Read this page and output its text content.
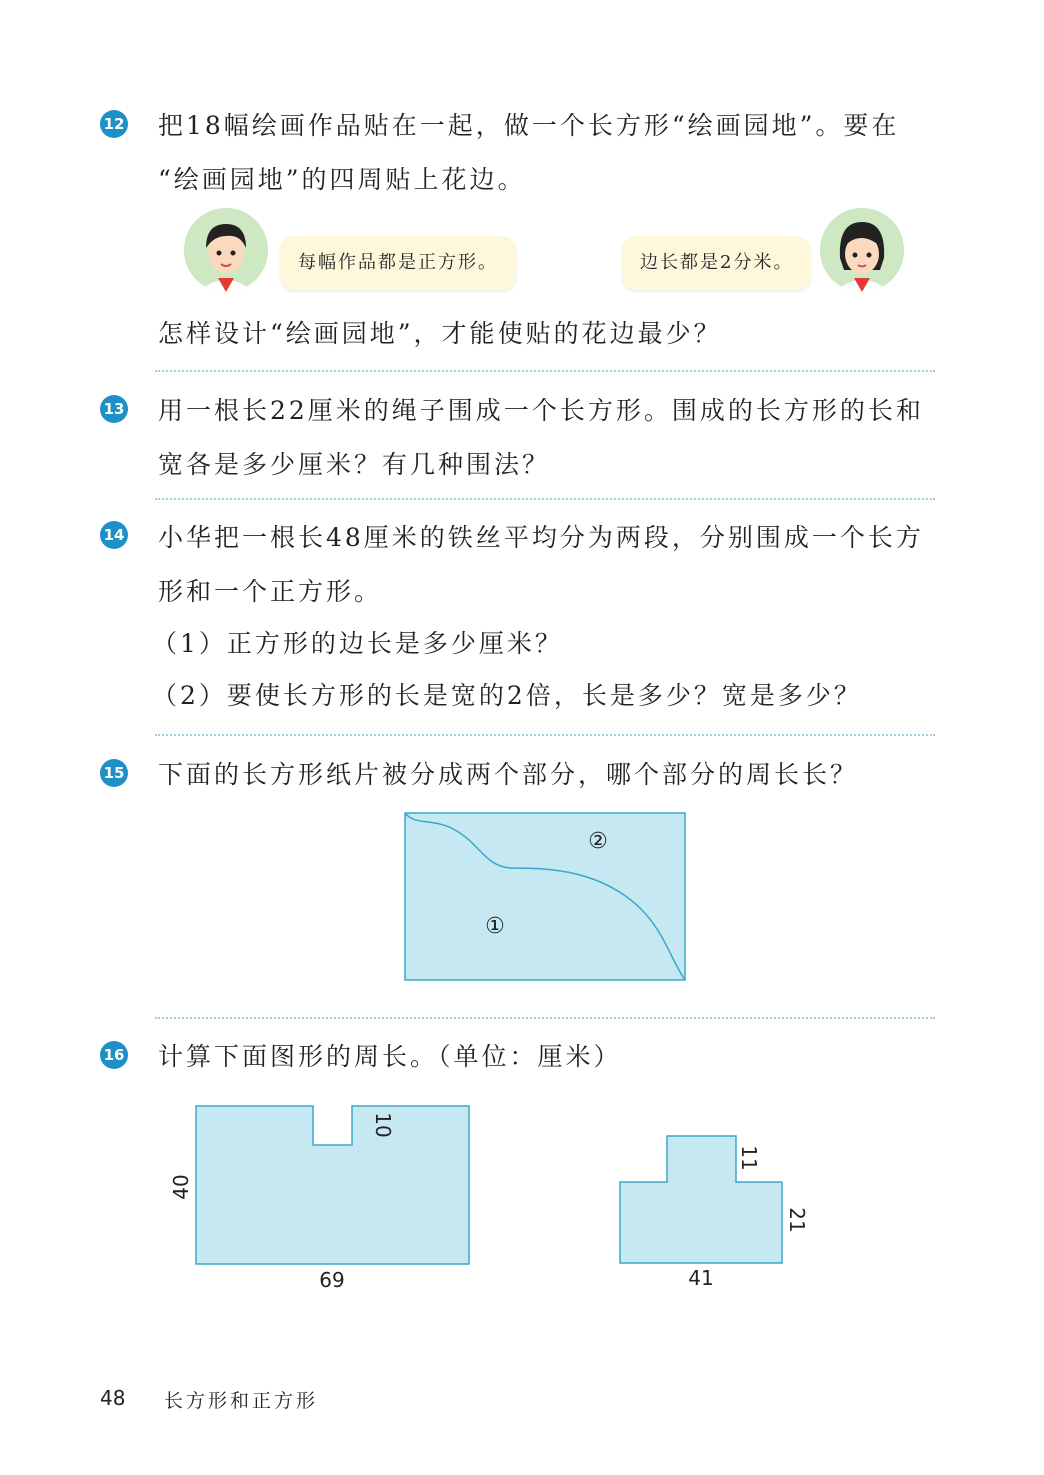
12 把18幅绘画作品贴在一起，做一个长方形“绘画园地”。要在
“绘画园地”的四周贴上花边。
每幅作品都是正方形。	边长都是2分米。
怎样设计“绘画园地”，才能使贴的花边最少？
13 用一根长22厘米的绳子围成一个长方形。围成的长方形的长和
宽各是多少厘米？有几种围法？
14 小华把一根长48厘米的铁丝平均分为两段，分别围成一个长方
形和一个正方形。
（1）正方形的边长是多少厘米？
（2）要使长方形的长是宽的2倍，长是多少？宽是多少？
15 下面的长方形纸片被分成两个部分，哪个部分的周长长？
①
②
16 计算下面图形的周长。（单位：厘米）
40
69
10
41
21
11
48 长方形和正方形
